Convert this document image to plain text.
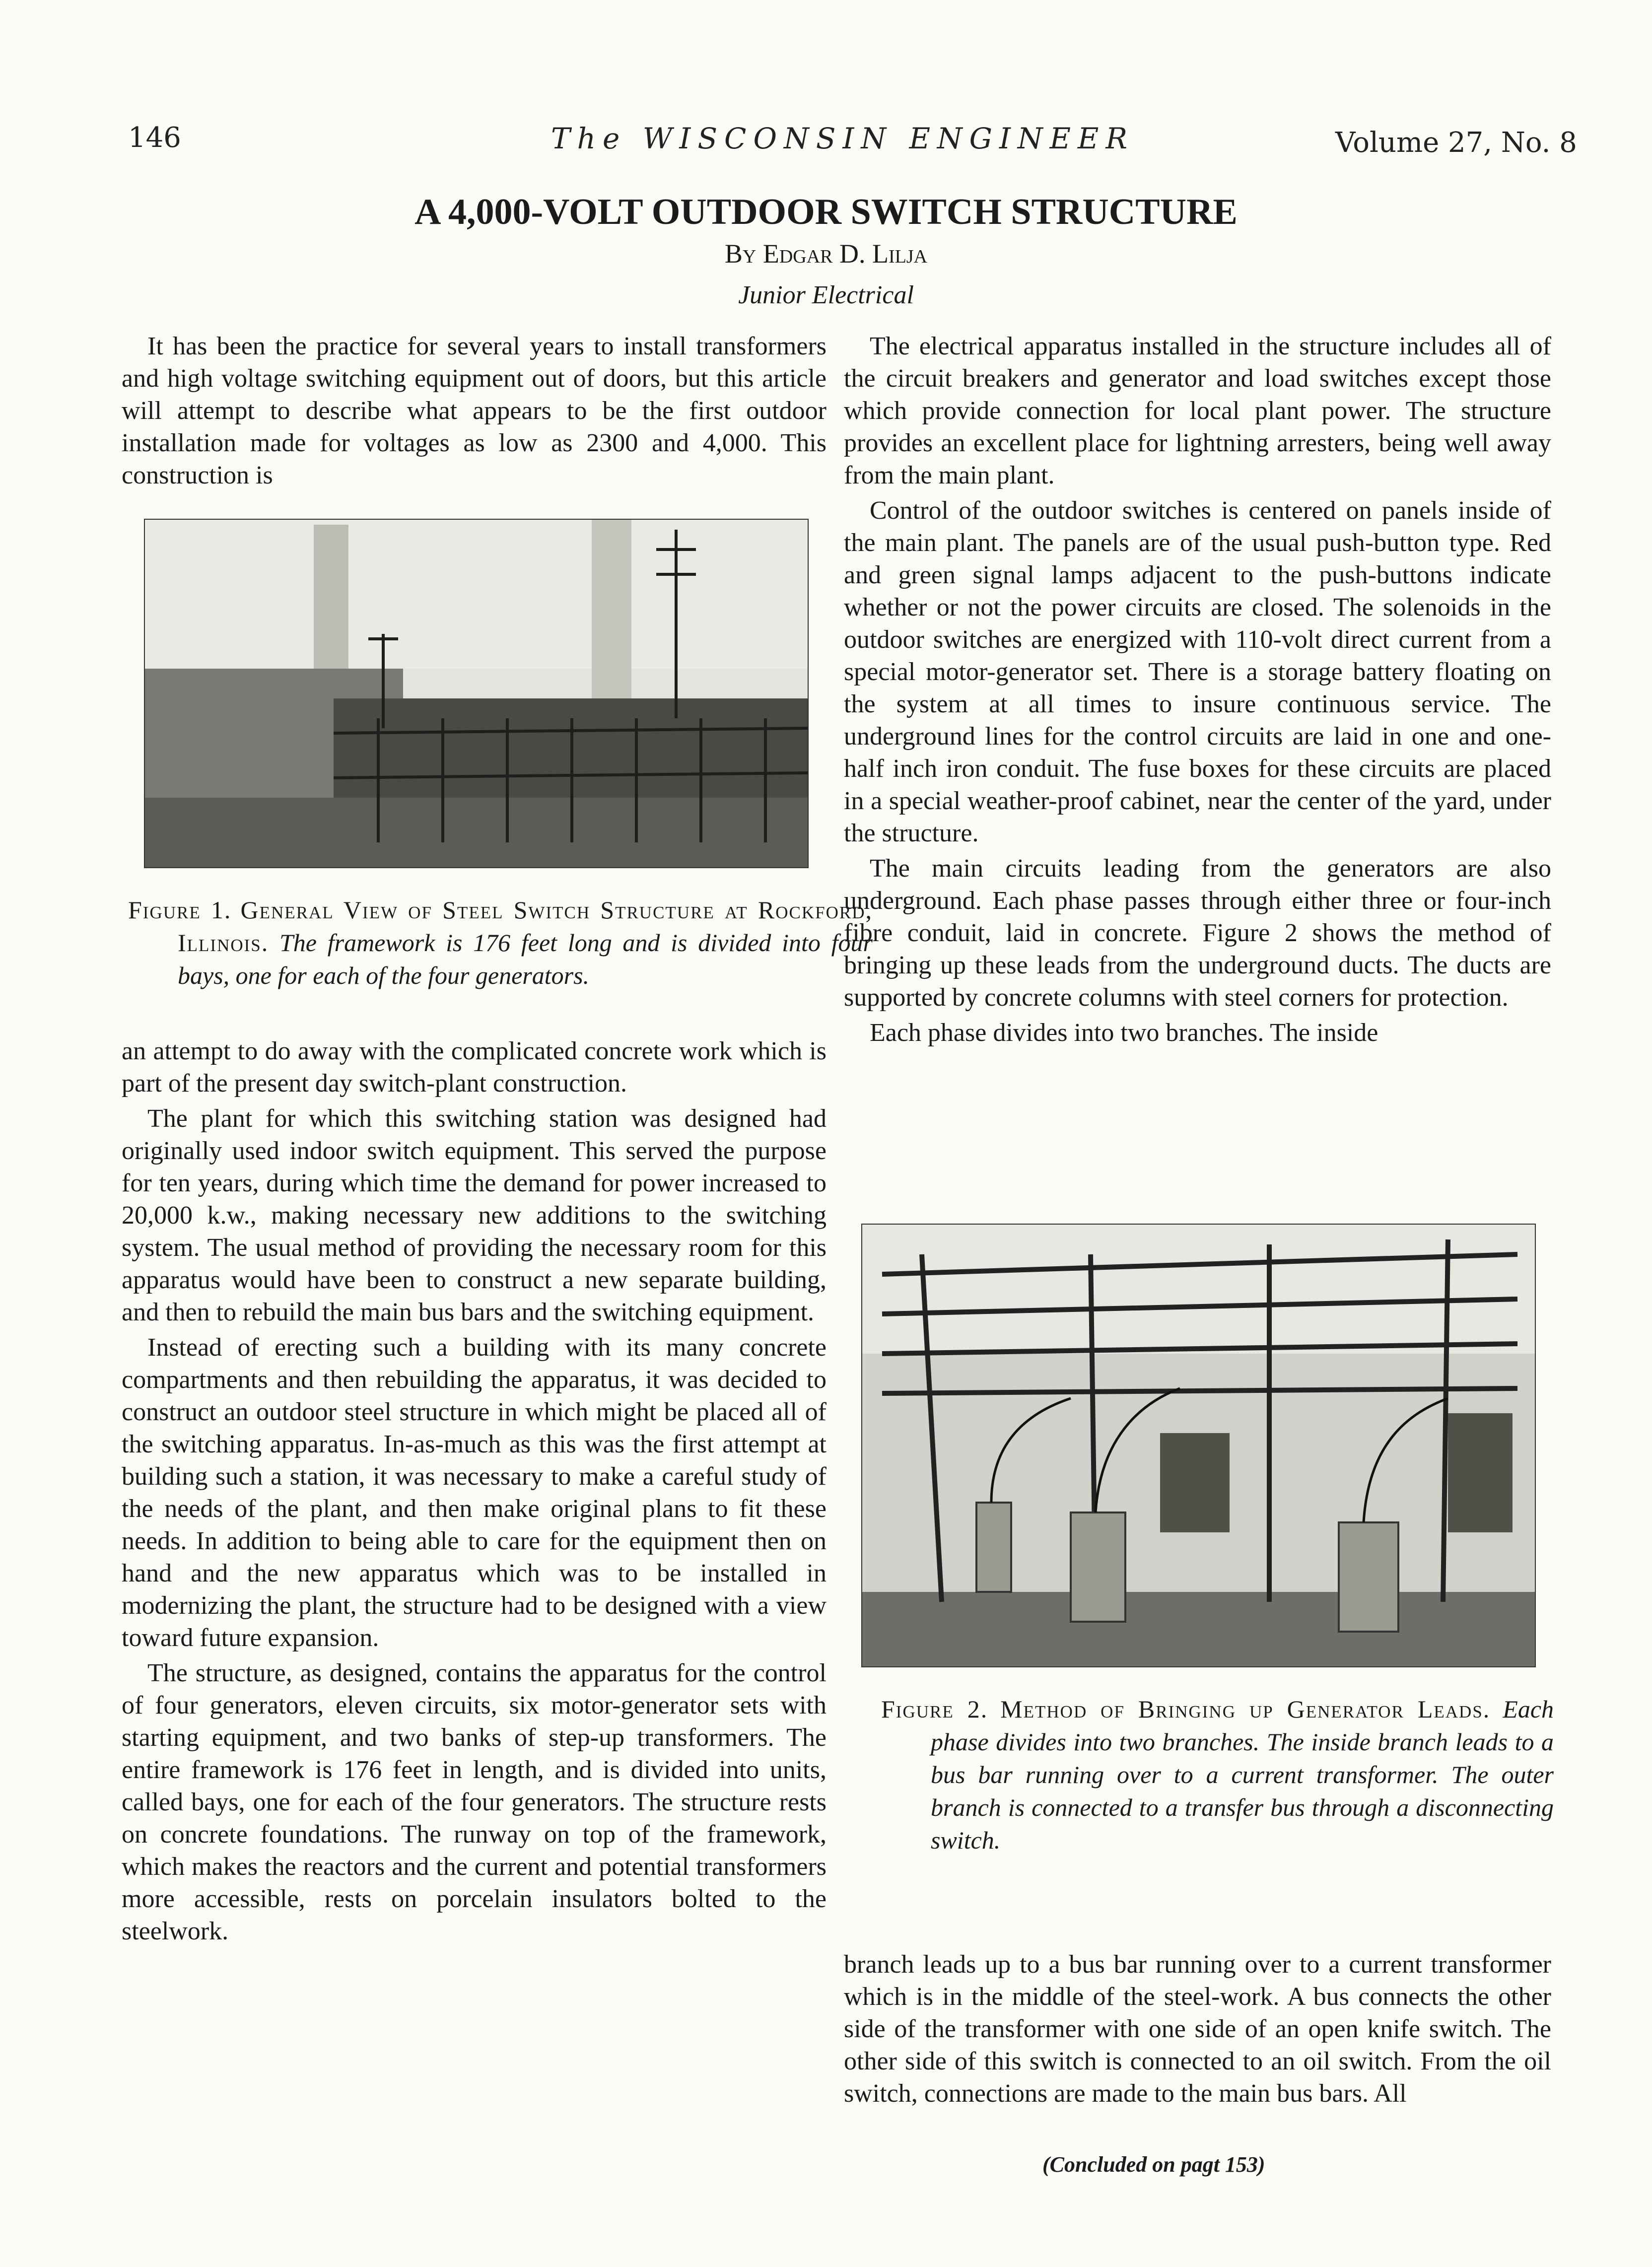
146	The WISCONSIN ENGINEER	Volume 27, No. 8
A 4,000-VOLT OUTDOOR SWITCH STRUCTURE
By Edgar D. Lilja
Junior Electrical

It has been the practice for several years to install transformers and high voltage switching equipment out of doors, but this article will attempt to describe what appears to be the first outdoor installation made for voltages as low as 2300 and 4,000. This construction is

Figure 1. General View of Steel Switch Structure at Rockford, Illinois. The framework is 176 feet long and is divided into four bays, one for each of the four generators.

an attempt to do away with the complicated concrete work which is part of the present day switch-plant construction.

The plant for which this switching station was designed had originally used indoor switch equipment. This served the purpose for ten years, during which time the demand for power increased to 20,000 k.w., making necessary new additions to the switching system. The usual method of providing the necessary room for this apparatus would have been to construct a new separate building, and then to rebuild the main bus bars and the switching equipment.

Instead of erecting such a building with its many concrete compartments and then rebuilding the apparatus, it was decided to construct an outdoor steel structure in which might be placed all of the switching apparatus. In-as-much as this was the first attempt at building such a station, it was necessary to make a careful study of the needs of the plant, and then make original plans to fit these needs. In addition to being able to care for the equipment then on hand and the new apparatus which was to be installed in modernizing the plant, the structure had to be designed with a view toward future expansion.

The structure, as designed, contains the apparatus for the control of four generators, eleven circuits, six motor-generator sets with starting equipment, and two banks of step-up transformers. The entire framework is 176 feet in length, and is divided into units, called bays, one for each of the four generators. The structure rests on concrete foundations. The runway on top of the framework, which makes the reactors and the current and potential transformers more accessible, rests on porcelain insulators bolted to the steelwork.

The electrical apparatus installed in the structure includes all of the circuit breakers and generator and load switches except those which provide connection for local plant power. The structure provides an excellent place for lightning arresters, being well away from the main plant.

Control of the outdoor switches is centered on panels inside of the main plant. The panels are of the usual push-button type. Red and green signal lamps adjacent to the push-buttons indicate whether or not the power circuits are closed. The solenoids in the outdoor switches are energized with 110-volt direct current from a special motor-generator set. There is a storage battery floating on the system at all times to insure continuous service. The underground lines for the control circuits are laid in one and one-half inch iron conduit. The fuse boxes for these circuits are placed in a special weather-proof cabinet, near the center of the yard, under the structure.

The main circuits leading from the generators are also underground. Each phase passes through either three or four-inch fibre conduit, laid in concrete. Figure 2 shows the method of bringing up these leads from the underground ducts. The ducts are supported by concrete columns with steel corners for protection.

Each phase divides into two branches. The inside

Figure 2. Method of Bringing up Generator Leads. Each phase divides into two branches. The inside branch leads to a bus bar running over to a current transformer. The outer branch is connected to a transfer bus through a disconnecting switch.

branch leads up to a bus bar running over to a current transformer which is in the middle of the steel-work. A bus connects the other side of the transformer with one side of an open knife switch. The other side of this switch is connected to an oil switch. From the oil switch, connections are made to the main bus bars. All

(Concluded on pagt 153)
